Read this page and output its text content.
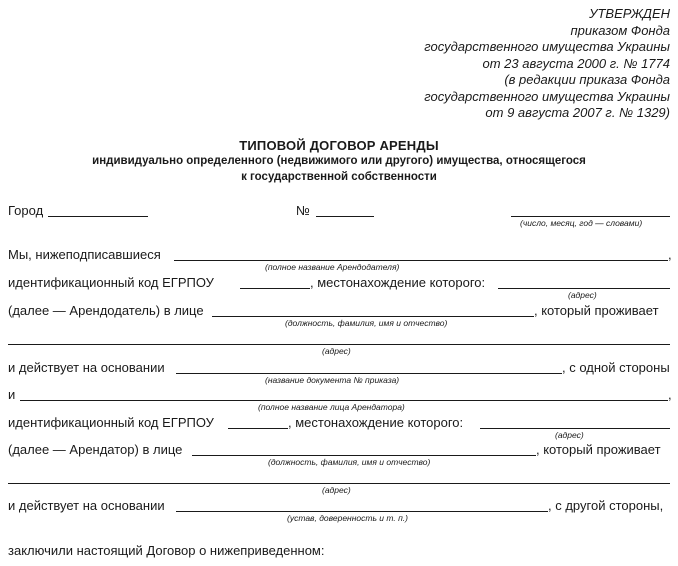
УТВЕРЖДЕН
приказом Фонда
государственного имущества Украины
от 23 августа 2000 г. № 1774
(в редакции приказа Фонда
государственного имущества Украины
от 9 августа 2007 г. № 1329)
ТИПОВОЙ ДОГОВОР АРЕНДЫ
индивидуально определенного (недвижимого или другого) имущества, относящегося
к государственной собственности
Город	№
(число, месяц, год — словами)
Мы, нижеподписавшиеся	,
(полное название Арендодателя)
идентификационный код ЕГРПОУ	, местонахождение которого:
(адрес)
(далее — Арендодатель) в лице	, который проживает
(должность, фамилия, имя и отчество)
(адрес)
и действует на основании	, с одной стороны
(название документа № приказа)
и	,
(полное название лица Арендатора)
идентификационный код ЕГРПОУ	, местонахождение которого:
(адрес)
(далее — Арендатор) в лице	, который проживает
(должность, фамилия, имя и отчество)
(адрес)
и действует на основании	, с другой стороны,
(устав, доверенность и т. п.)
заключили настоящий Договор о нижеприведенном:
